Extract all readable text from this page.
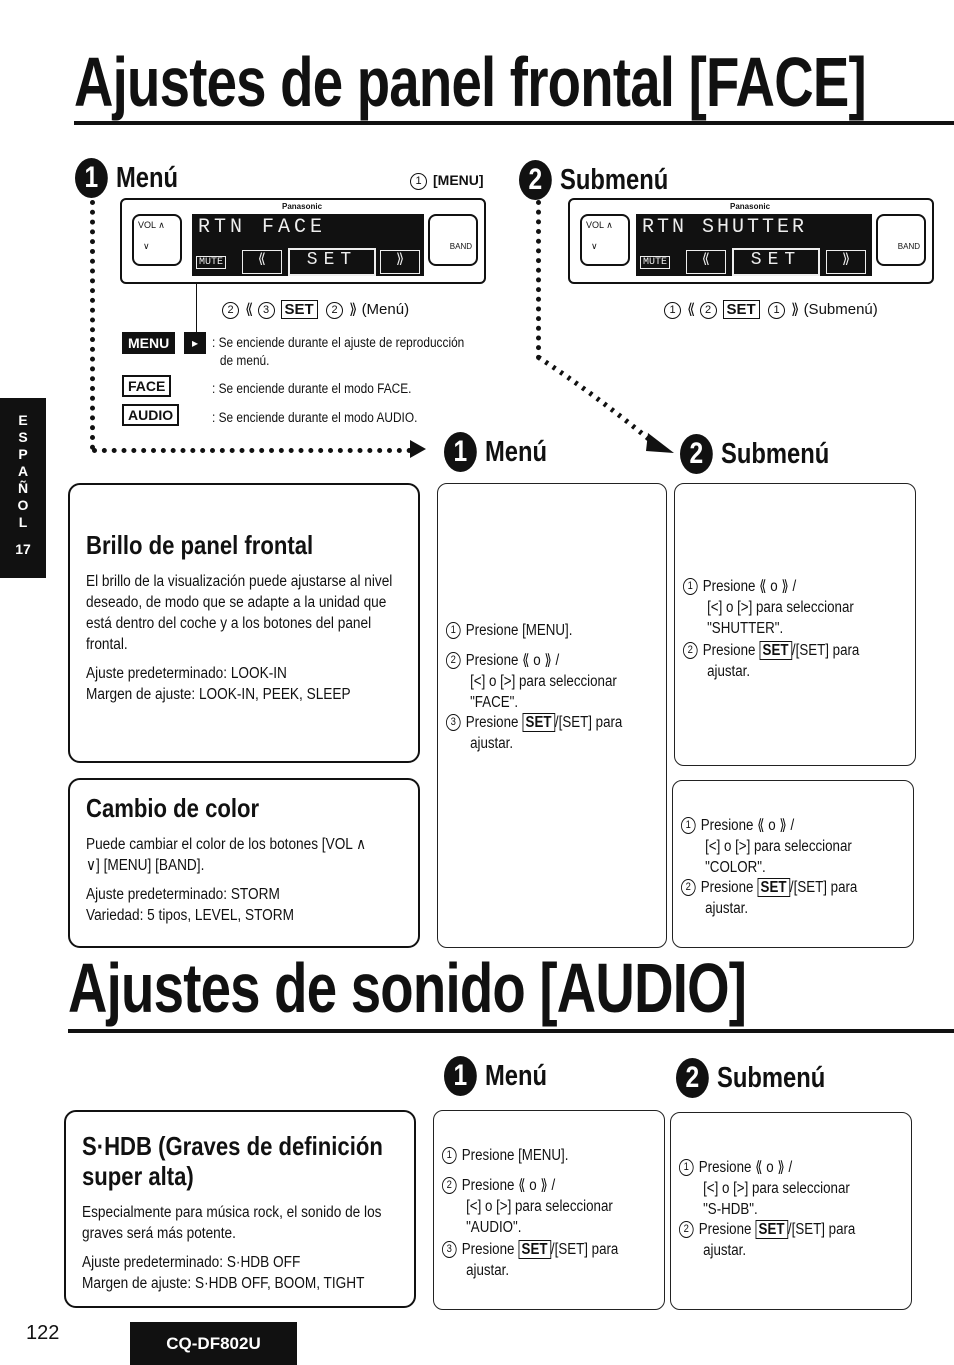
E
S
P
A
Ñ
O
L
17
Ajustes de panel frontal [FACE]
1 Menú	1 [MENU]	2 Submenú
VOL ∧

∨
RTN FACE
MUTE	⟪	SET	⟫
Panasonic
BAND
2 ⟪ 3 SET 2 ⟫ (Menú)
VOL ∧

∨
RTN SHUTTER
MUTE	⟪	SET	⟫
Panasonic
BAND
1 ⟪ 2 SET 1 ⟫ (Submenú)
MENU	▸	: Se enciende durante el ajuste de reproducción
de menú.
FACE	: Se enciende durante el modo FACE.
AUDIO	: Se enciende durante el modo AUDIO.
1 Menú	2 Submenú
Brillo de panel frontal
El brillo de la visualización puede ajustarse al nivel deseado, de modo que se adapte a la unidad que está dentro del coche y a los botones del panel frontal.
Ajuste predeterminado: LOOK-IN
Margen de ajuste: LOOK-IN, PEEK, SLEEP
Cambio de color
Puede cambiar el color de los botones [VOL ∧ ∨] [MENU] [BAND].
Ajuste predeterminado: STORM
Variedad: 5 tipos, LEVEL, STORM
1 Presione [MENU].
2 Presione ⟪ o ⟫ /
[<] o [>] para seleccionar
"FACE".
3 Presione SET /[SET] para
ajustar.
1 Presione ⟪ o ⟫ /
[<] o [>] para seleccionar
"SHUTTER".
2 Presione SET /[SET] para
ajustar.
1 Presione ⟪ o ⟫ /
[<] o [>] para seleccionar
"COLOR".
2 Presione SET /[SET] para
ajustar.
Ajustes de sonido [AUDIO]
1 Menú	2 Submenú
S·HDB (Graves de definición
super alta)
Especialmente para música rock, el sonido de los graves será más potente.
Ajuste predeterminado: S·HDB OFF
Margen de ajuste: S·HDB OFF, BOOM, TIGHT
1 Presione [MENU].
2 Presione ⟪ o ⟫ /
[<] o [>] para seleccionar
"AUDIO".
3 Presione SET /[SET] para
ajustar.
1 Presione ⟪ o ⟫ /
[<] o [>] para seleccionar
"S-HDB".
2 Presione SET /[SET] para
ajustar.
122	CQ-DF802U
